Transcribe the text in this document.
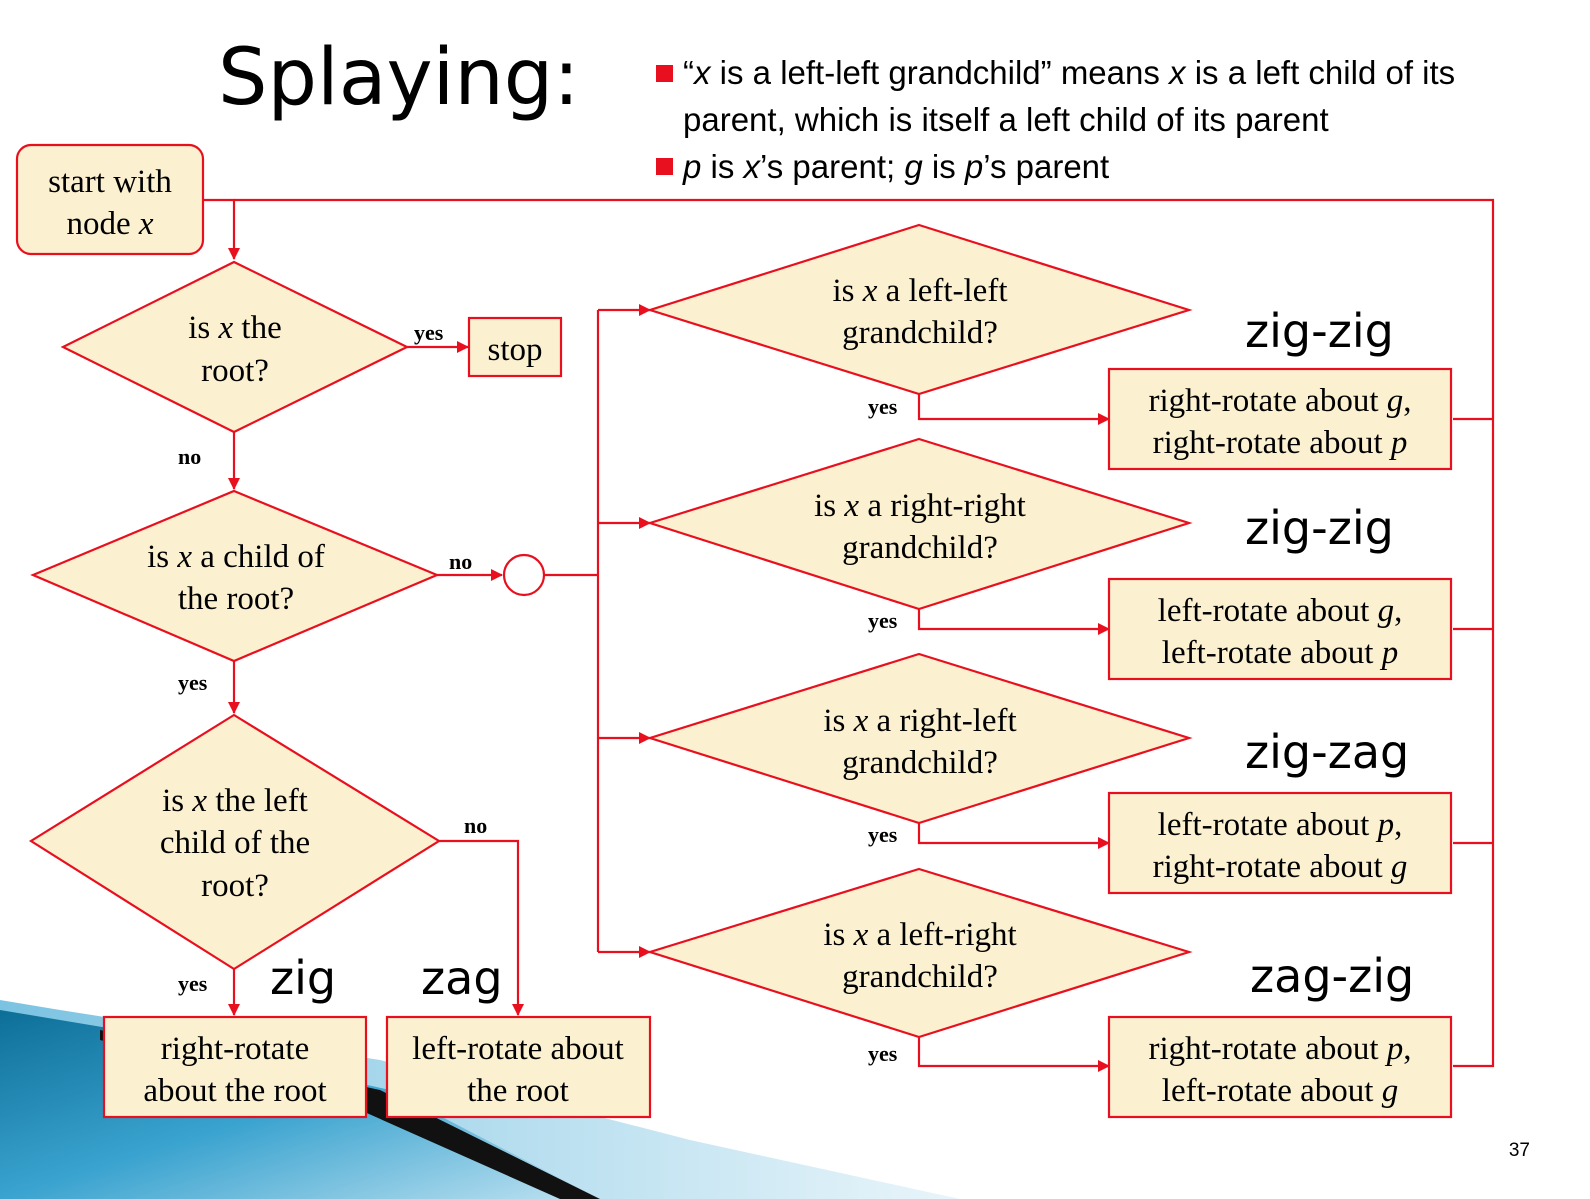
Splaying:	“x is a left-left grandchild” means x is a left child of its
parent, which is itself a left child of its parent
p is x’s parent; g is p’s parent
start with
node x
is x the
root?
stop
is x a child of
the root?
is x the left
child of the
root?
right-rotate
about the root
left-rotate about
the root
is x a left-left
grandchild?
is x a right-right
grandchild?
is x a right-left
grandchild?
is x a left-right
grandchild?
right-rotate about g,
right-rotate about p
left-rotate about g,
left-rotate about p
left-rotate about p,
right-rotate about g
right-rotate about p,
left-rotate about g
yes
no
no
yes
no
yes
yes
yes
yes
yes
zig zag
zig-zig
zig-zig
zig-zag
zag-zig
37
